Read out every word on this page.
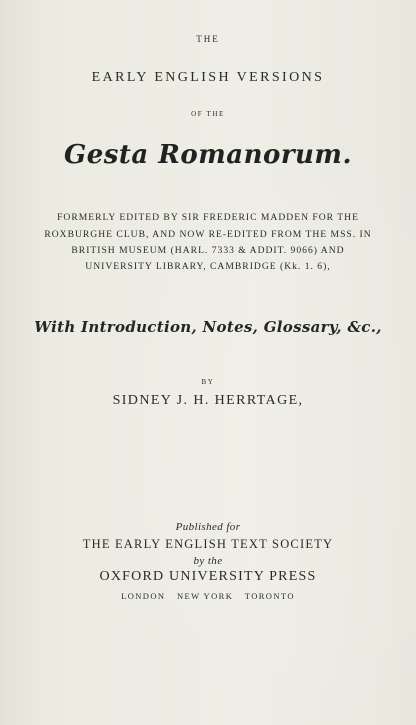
THE
EARLY ENGLISH VERSIONS
OF THE
Gesta Romanorum.
FORMERLY EDITED BY SIR FREDERIC MADDEN FOR THE
ROXBURGHE CLUB, AND NOW RE-EDITED FROM THE MSS. IN
BRITISH MUSEUM (HARL. 7333 & ADDIT. 9066) AND
UNIVERSITY LIBRARY, CAMBRIDGE (Kk. 1. 6),
With Introduction, Notes, Glossary, &c.,
BY
SIDNEY J. H. HERRTAGE,
Published for
THE EARLY ENGLISH TEXT SOCIETY
by the
OXFORD UNIVERSITY PRESS
LONDON NEW YORK TORONTO
